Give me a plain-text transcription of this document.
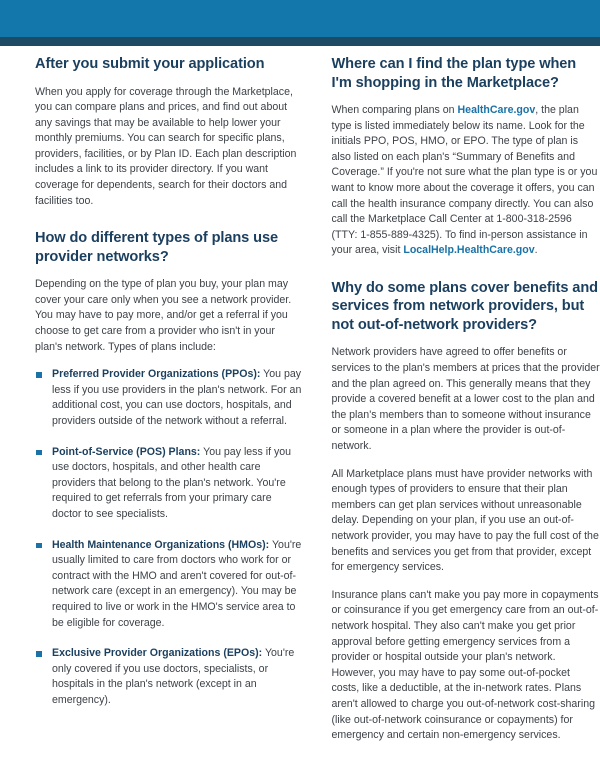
After you submit your application

When you apply for coverage through the Marketplace, you can compare plans and prices, and find out about any savings that may be available to help lower your monthly premiums. You can search for specific plans, providers, facilities, or by Plan ID. Each plan description includes a link to its provider directory. If you want coverage for dependents, search for their doctors and facilities too.

How do different types of plans use provider networks?

Depending on the type of plan you buy, your plan may cover your care only when you see a network provider. You may have to pay more, and/or get a referral if you choose to get care from a provider who isn't in your plan's network. Types of plans include:

Preferred Provider Organizations (PPOs): You pay less if you use providers in the plan's network. For an additional cost, you can use doctors, hospitals, and providers outside of the network without a referral.
Point-of-Service (POS) Plans: You pay less if you use doctors, hospitals, and other health care providers that belong to the plan's network. You're required to get referrals from your primary care doctor to see specialists.
Health Maintenance Organizations (HMOs): You're usually limited to care from doctors who work for or contract with the HMO and aren't covered for out-of-network care (except in an emergency). You may be required to live or work in the HMO's service area to be eligible for coverage.
Exclusive Provider Organizations (EPOs): You're only covered if you use doctors, specialists, or hospitals in the plan's network (except in an emergency).
Where can I find the plan type when I'm shopping in the Marketplace?

When comparing plans on HealthCare.gov, the plan type is listed immediately below its name. Look for the initials PPO, POS, HMO, or EPO. The type of plan is also listed on each plan's “Summary of Benefits and Coverage.” If you're not sure what the plan type is or you want to know more about the coverage it offers, you can call the health insurance company directly. You can also call the Marketplace Call Center at 1-800-318-2596 (TTY: 1-855-889-4325). To find in-person assistance in your area, visit LocalHelp.HealthCare.gov.

Why do some plans cover benefits and services from network providers, but not out-of-network providers?

Network providers have agreed to offer benefits or services to the plan's members at prices that the provider and the plan agreed on. This generally means that they provide a covered benefit at a lower cost to the plan and the plan's members than to someone without insurance or someone in a plan where the provider is out-of-network.

All Marketplace plans must have provider networks with enough types of providers to ensure that their plan members can get plan services without unreasonable delay. Depending on your plan, if you use an out-of-network provider, you may have to pay the full cost of the benefits and services you get from that provider, except for emergency services.

Insurance plans can't make you pay more in copayments or coinsurance if you get emergency care from an out-of-network hospital. They also can't make you get prior approval before getting emergency services from a provider or hospital outside your plan's network. However, you may have to pay some out-of-pocket costs, like a deductible, at the in-network rates. Plans aren't allowed to charge you out-of-network cost-sharing (like out-of-network coinsurance or copayments) for emergency and certain non-emergency services.
